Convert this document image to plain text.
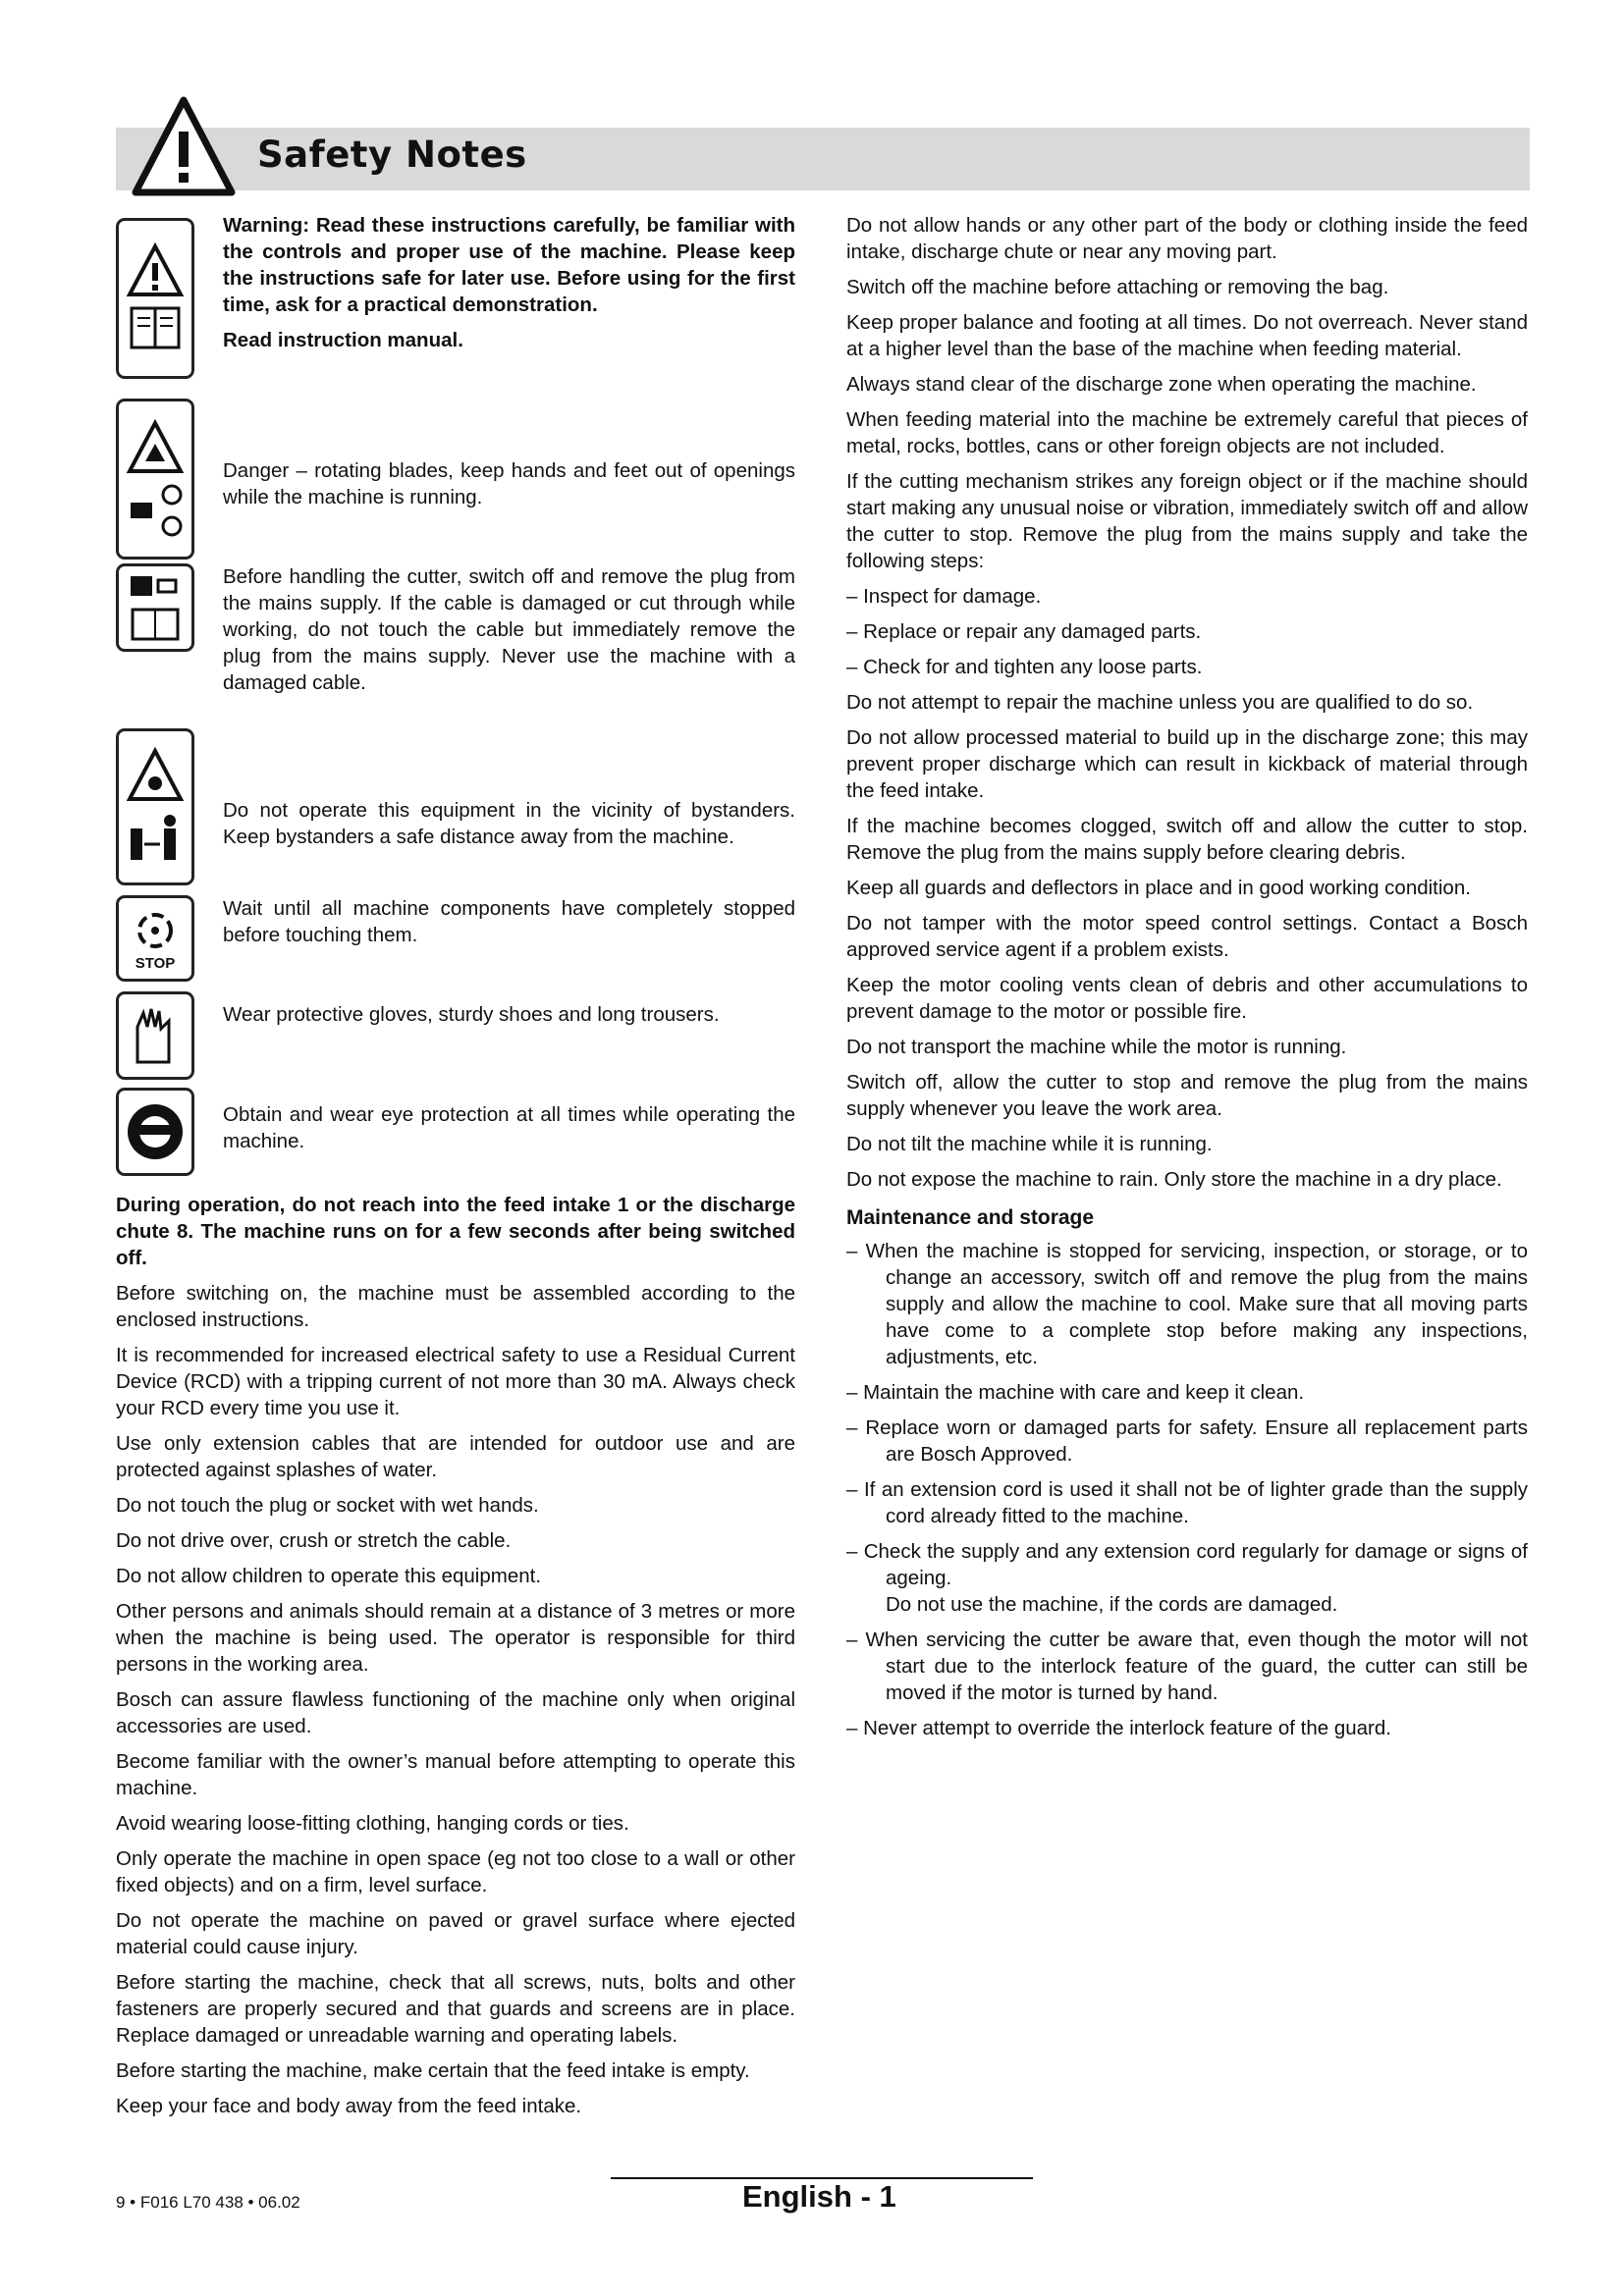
Safety Notes

Warning: Read these instructions carefully, be familiar with the controls and proper use of the machine. Please keep the instructions safe for later use. Before using for the first time, ask for a practical demonstration.

Read instruction manual.

Danger – rotating blades, keep hands and feet out of openings while the machine is running.

Before handling the cutter, switch off and remove the plug from the mains supply. If the cable is damaged or cut through while working, do not touch the cable but immediately remove the plug from the mains supply. Never use the machine with a damaged cable.

Do not operate this equipment in the vicinity of bystanders. Keep bystanders a safe distance away from the machine.

STOP

Wait until all machine components have completely stopped before touching them.

Wear protective gloves, sturdy shoes and long trousers.

Obtain and wear eye protection at all times while operating the machine.

During operation, do not reach into the feed intake 1 or the discharge chute 8. The machine runs on for a few seconds after being switched off.

Before switching on, the machine must be assembled according to the enclosed instructions.

It is recommended for increased electrical safety to use a Residual Current Device (RCD) with a tripping current of not more than 30 mA. Always check your RCD every time you use it.

Use only extension cables that are intended for outdoor use and are protected against splashes of water.

Do not touch the plug or socket with wet hands.

Do not drive over, crush or stretch the cable.

Do not allow children to operate this equipment.

Other persons and animals should remain at a distance of 3 metres or more when the machine is being used. The operator is responsible for third persons in the working area.

Bosch can assure flawless functioning of the machine only when original accessories are used.

Become familiar with the owner’s manual before attempting to operate this machine.

Avoid wearing loose-fitting clothing, hanging cords or ties.

Only operate the machine in open space (eg not too close to a wall or other fixed objects) and on a firm, level surface.

Do not operate the machine on paved or gravel surface where ejected material could cause injury.

Before starting the machine, check that all screws, nuts, bolts and other fasteners are properly secured and that guards and screens are in place. Replace damaged or unreadable warning and operating labels.

Before starting the machine, make certain that the feed intake is empty.

Keep your face and body away from the feed intake.

Do not allow hands or any other part of the body or clothing inside the feed intake, discharge chute or near any moving part.

Switch off the machine before attaching or removing the bag.

Keep proper balance and footing at all times. Do not overreach. Never stand at a higher level than the base of the machine when feeding material.

Always stand clear of the discharge zone when operating the machine.

When feeding material into the machine be extremely careful that pieces of metal, rocks, bottles, cans or other foreign objects are not included.

If the cutting mechanism strikes any foreign object or if the machine should start making any unusual noise or vibration, immediately switch off and allow the cutter to stop. Remove the plug from the mains supply and take the following steps:

– Inspect for damage.

– Replace or repair any damaged parts.

– Check for and tighten any loose parts.

Do not attempt to repair the machine unless you are qualified to do so.

Do not allow processed material to build up in the discharge zone; this may prevent proper discharge which can result in kickback of material through the feed intake.

If the machine becomes clogged, switch off and allow the cutter to stop. Remove the plug from the mains supply before clearing debris.

Keep all guards and deflectors in place and in good working condition.

Do not tamper with the motor speed control settings. Contact a Bosch approved service agent if a problem exists.

Keep the motor cooling vents clean of debris and other accumulations to prevent damage to the motor or possible fire.

Do not transport the machine while the motor is running.

Switch off, allow the cutter to stop and remove the plug from the mains supply whenever you leave the work area.

Do not tilt the machine while it is running.

Do not expose the machine to rain. Only store the machine in a dry place.

Maintenance and storage

– When the machine is stopped for servicing, inspection, or storage, or to change an accessory, switch off and remove the plug from the mains supply and allow the machine to cool. Make sure that all moving parts have come to a complete stop before making any inspections, adjustments, etc.

– Maintain the machine with care and keep it clean.

– Replace worn or damaged parts for safety. Ensure all replacement parts are Bosch Approved.

– If an extension cord is used it shall not be of lighter grade than the supply cord already fitted to the machine.

– Check the supply and any extension cord regularly for damage or signs of ageing.

Do not use the machine, if the cords are damaged.

– When servicing the cutter be aware that, even though the motor will not start due to the interlock feature of the guard, the cutter can still be moved if the motor is turned by hand.

– Never attempt to override the interlock feature of the guard.

9 • F016 L70 438 • 06.02	English - 1
